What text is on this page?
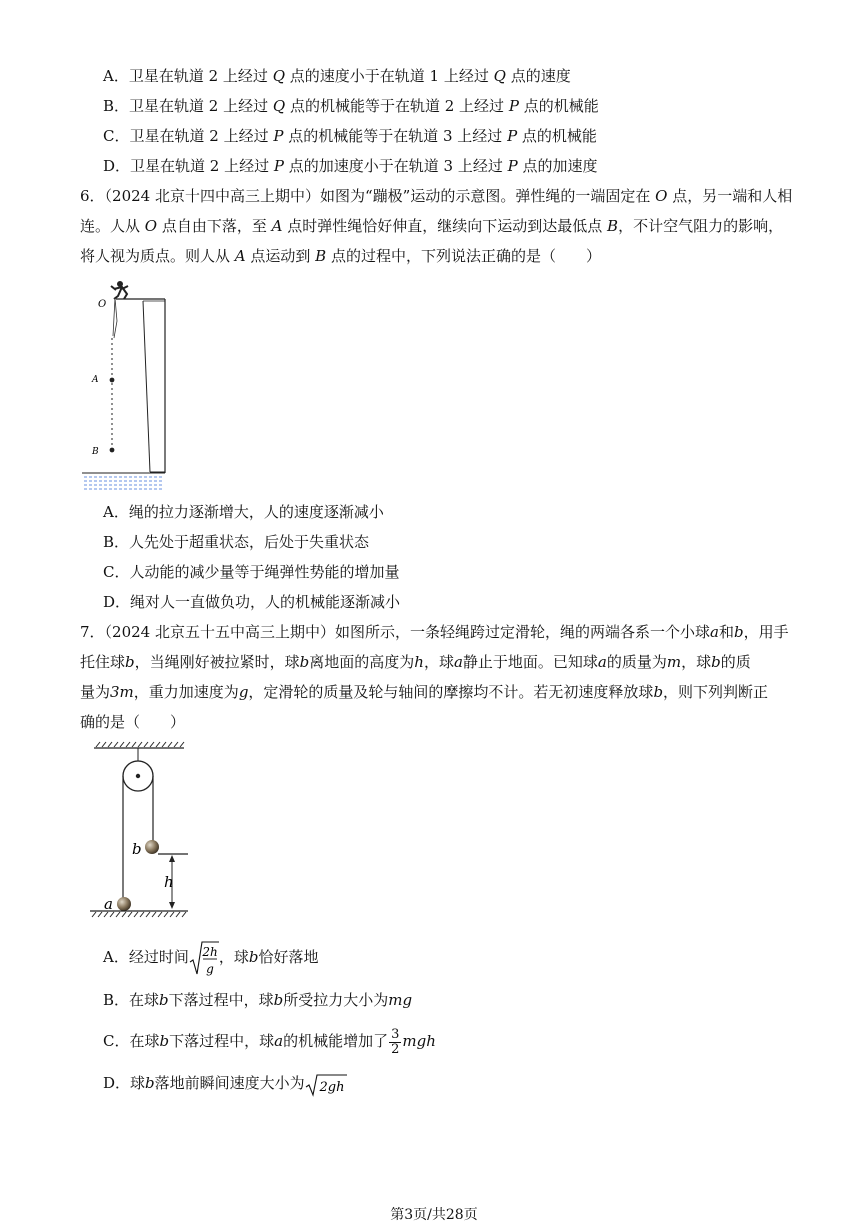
A．卫星在轨道 2 上经过 Q 点的速度小于在轨道 1 上经过 Q 点的速度
B．卫星在轨道 2 上经过 Q 点的机械能等于在轨道 2 上经过 P 点的机械能
C．卫星在轨道 2 上经过 P 点的机械能等于在轨道 3 上经过 P 点的机械能
D．卫星在轨道 2 上经过 P 点的加速度小于在轨道 3 上经过 P 点的加速度
6．（2024 北京十四中高三上期中）如图为“蹦极”运动的示意图。弹性绳的一端固定在 O 点，另一端和人相
连。人从 O 点自由下落，至 A 点时弹性绳恰好伸直，继续向下运动到达最低点 B，不计空气阻力的影响，
将人视为质点。则人从 A 点运动到 B 点的过程中，下列说法正确的是（　　）
O
A
B
A．绳的拉力逐渐增大，人的速度逐渐减小
B．人先处于超重状态，后处于失重状态
C．人动能的减少量等于绳弹性势能的增加量
D．绳对人一直做负功，人的机械能逐渐减小
7．（2024 北京五十五中高三上期中）如图所示，一条轻绳跨过定滑轮，绳的两端各系一个小球a和b，用手
托住球b，当绳刚好被拉紧时，球b离地面的高度为h，球a静止于地面。已知球a的质量为m，球b的质
量为3m，重力加速度为g，定滑轮的质量及轮与轴间的摩擦均不计。若无初速度释放球b，则下列判断正
确的是（　　）
b
h
a
A．经过时间 2h
g
，球b恰好落地
B．在球b下落过程中，球b所受拉力大小为mg
C．在球b下落过程中，球a的机械能增加了 $\frac{3}{2}$ mgh
D．球b落地前瞬间速度大小为 2gh
第3页/共28页
